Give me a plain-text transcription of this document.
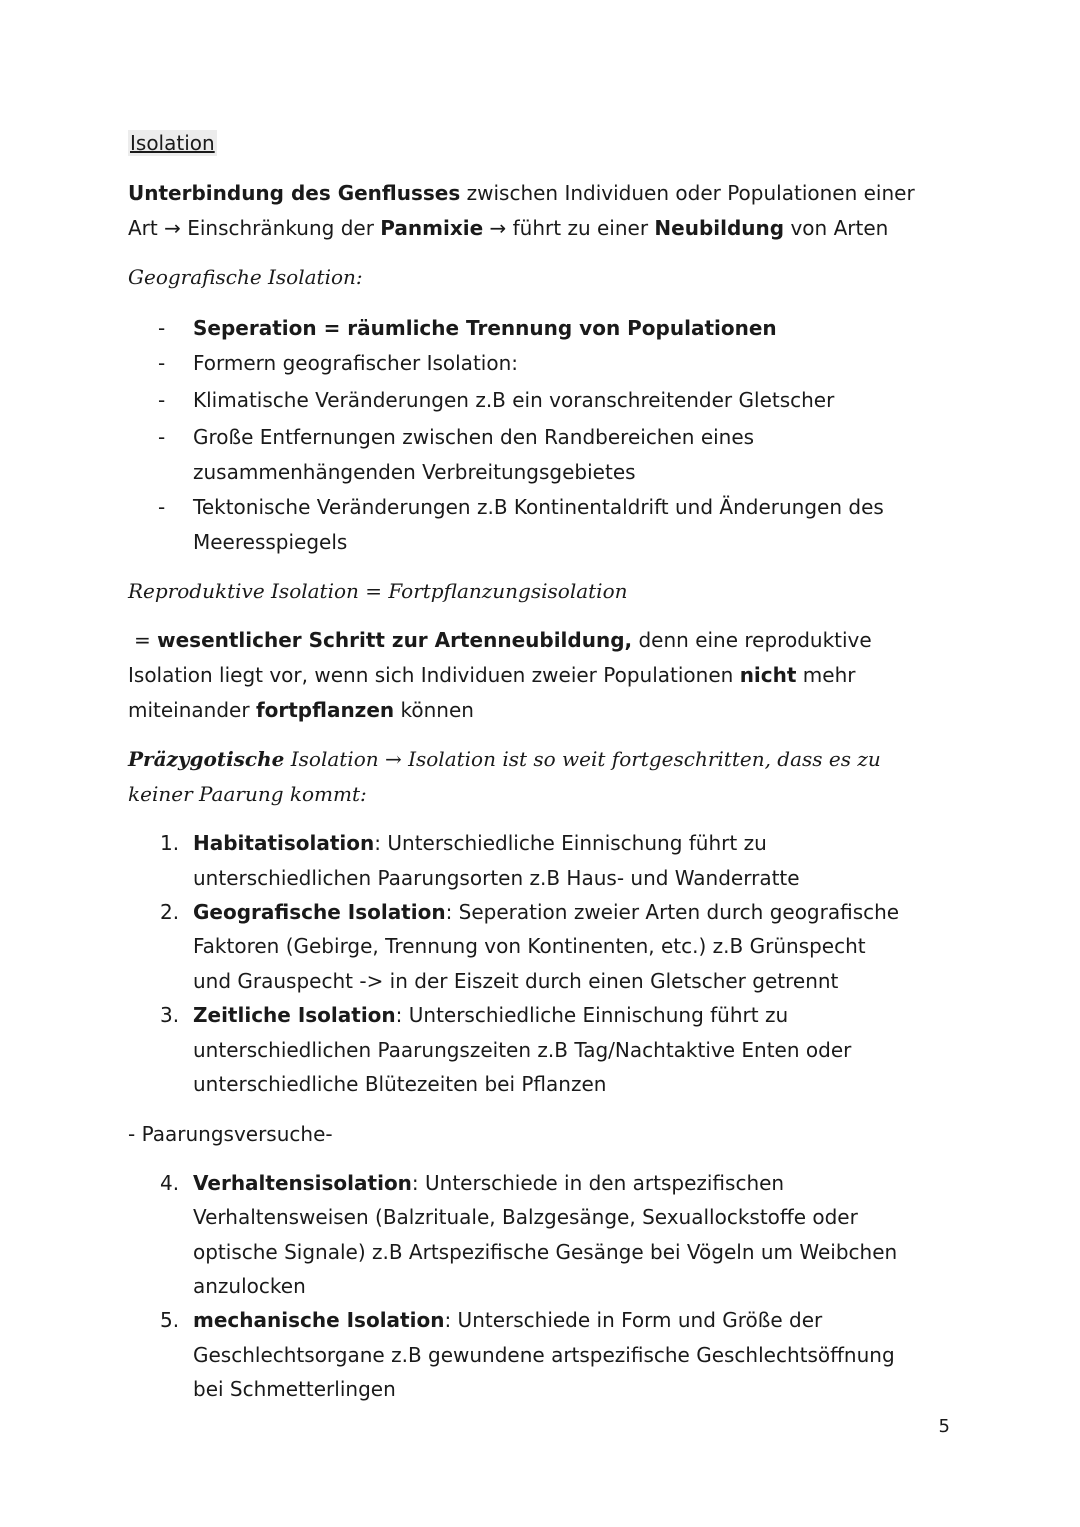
Isolation
Unterbindung des Genflusses zwischen Individuen oder Populationen einer
Art → Einschränkung der Panmixie → führt zu einer Neubildung von Arten
Geografische Isolation:
- Seperation = räumliche Trennung von Populationen
- Formern geografischer Isolation:
- Klimatische Veränderungen z.B ein voranschreitender Gletscher
- Große Entfernungen zwischen den Randbereichen eines
zusammenhängenden Verbreitungsgebietes
- Tektonische Veränderungen z.B Kontinentaldrift und Änderungen des
Meeresspiegels
Reproduktive Isolation = Fortpflanzungsisolation
= wesentlicher Schritt zur Artenneubildung, denn eine reproduktive
Isolation liegt vor, wenn sich Individuen zweier Populationen nicht mehr
miteinander fortpflanzen können
Präzygotische Isolation → Isolation ist so weit fortgeschritten, dass es zu
keiner Paarung kommt:
1. Habitatisolation: Unterschiedliche Einnischung führt zu
unterschiedlichen Paarungsorten z.B Haus- und Wanderratte
2. Geografische Isolation: Seperation zweier Arten durch geografische
Faktoren (Gebirge, Trennung von Kontinenten, etc.) z.B Grünspecht
und Grauspecht -> in der Eiszeit durch einen Gletscher getrennt
3. Zeitliche Isolation: Unterschiedliche Einnischung führt zu
unterschiedlichen Paarungszeiten z.B Tag/Nachtaktive Enten oder
unterschiedliche Blütezeiten bei Pflanzen
- Paarungsversuche-
4. Verhaltensisolation: Unterschiede in den artspezifischen
Verhaltensweisen (Balzrituale, Balzgesänge, Sexuallockstoffe oder
optische Signale) z.B Artspezifische Gesänge bei Vögeln um Weibchen
anzulocken
5. mechanische Isolation: Unterschiede in Form und Größe der
Geschlechtsorgane z.B gewundene artspezifische Geschlechtsöffnung
bei Schmetterlingen
5
